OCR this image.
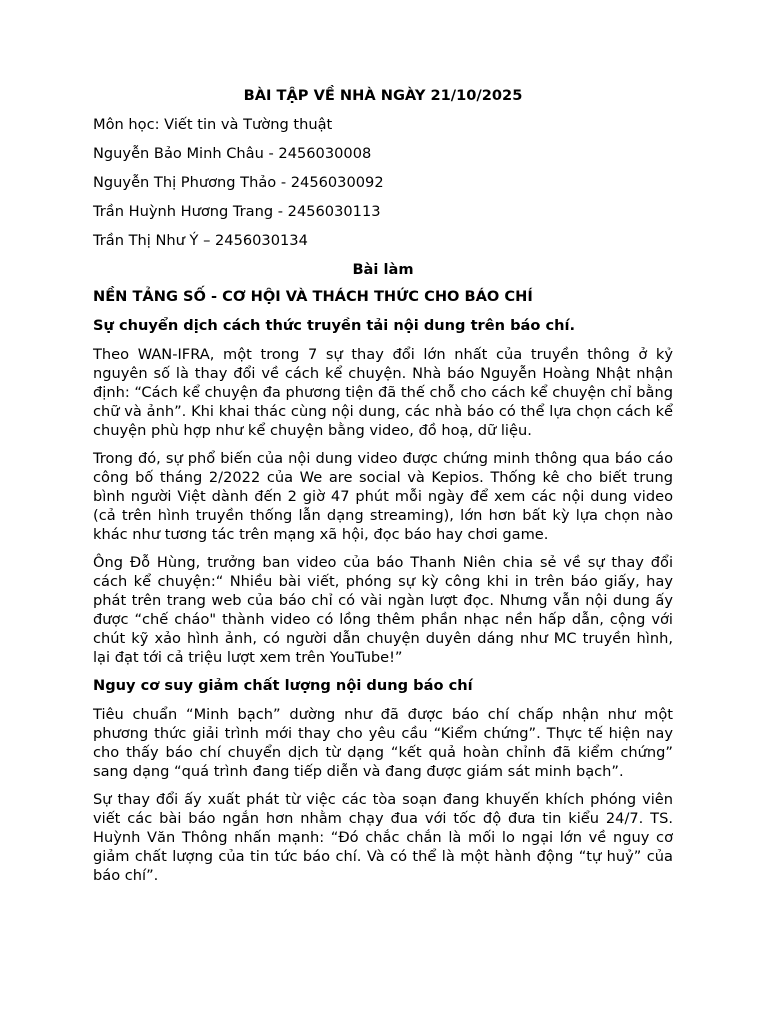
BÀI TẬP VỀ NHÀ NGÀY 21/10/2025
Môn học: Viết tin và Tường thuật
Nguyễn Bảo Minh Châu - 2456030008
Nguyễn Thị Phương Thảo - 2456030092
Trần Huỳnh Hương Trang - 2456030113
Trần Thị Như Ý – 2456030134
Bài làm
NỀN TẢNG SỐ - CƠ HỘI VÀ THÁCH THỨC CHO BÁO CHÍ
Sự chuyển dịch cách thức truyền tải nội dung trên báo chí.

Theo WAN-IFRA, một trong 7 sự thay đổi lớn nhất của truyền thông ở kỷ nguyên số là thay đổi về cách kể chuyện. Nhà báo Nguyễn Hoàng Nhật nhận định: “Cách kể chuyện đa phương tiện đã thế chỗ cho cách kể chuyện chỉ bằng chữ và ảnh”. Khi khai thác cùng nội dung, các nhà báo có thể lựa chọn cách kể chuyện phù hợp như kể chuyện bằng video, đồ hoạ, dữ liệu.

Trong đó, sự phổ biến của nội dung video được chứng minh thông qua báo cáo công bố tháng 2/2022 của We are social và Kepios. Thống kê cho biết trung bình người Việt dành đến 2 giờ 47 phút mỗi ngày để xem các nội dung video (cả trên hình truyền thống lẫn dạng streaming), lớn hơn bất kỳ lựa chọn nào khác như tương tác trên mạng xã hội, đọc báo hay chơi game.

Ông Đỗ Hùng, trưởng ban video của báo Thanh Niên chia sẻ về sự thay đổi cách kể chuyện:“ Nhiều bài viết, phóng sự kỳ công khi in trên báo giấy, hay phát trên trang web của báo chỉ có vài ngàn lượt đọc. Nhưng vẫn nội dung ấy được “chế cháo" thành video có lồng thêm phần nhạc nền hấp dẫn, cộng với chút kỹ xảo hình ảnh, có người dẫn chuyện duyên dáng như MC truyền hình, lại đạt tới cả triệu lượt xem trên YouTube!”

Nguy cơ suy giảm chất lượng nội dung báo chí

Tiêu chuẩn “Minh bạch” dường như đã được báo chí chấp nhận như một phương thức giải trình mới thay cho yêu cầu “Kiểm chứng”. Thực tế hiện nay cho thấy báo chí chuyển dịch từ dạng “kết quả hoàn chỉnh đã kiểm chứng” sang dạng “quá trình đang tiếp diễn và đang được giám sát minh bạch”.

Sự thay đổi ấy xuất phát từ việc các tòa soạn đang khuyến khích phóng viên viết các bài báo ngắn hơn nhằm chạy đua với tốc độ đưa tin kiểu 24/7. TS. Huỳnh Văn Thông nhấn mạnh: “Đó chắc chắn là mối lo ngại lớn về nguy cơ giảm chất lượng của tin tức báo chí. Và có thể là một hành động “tự huỷ” của báo chí”.
